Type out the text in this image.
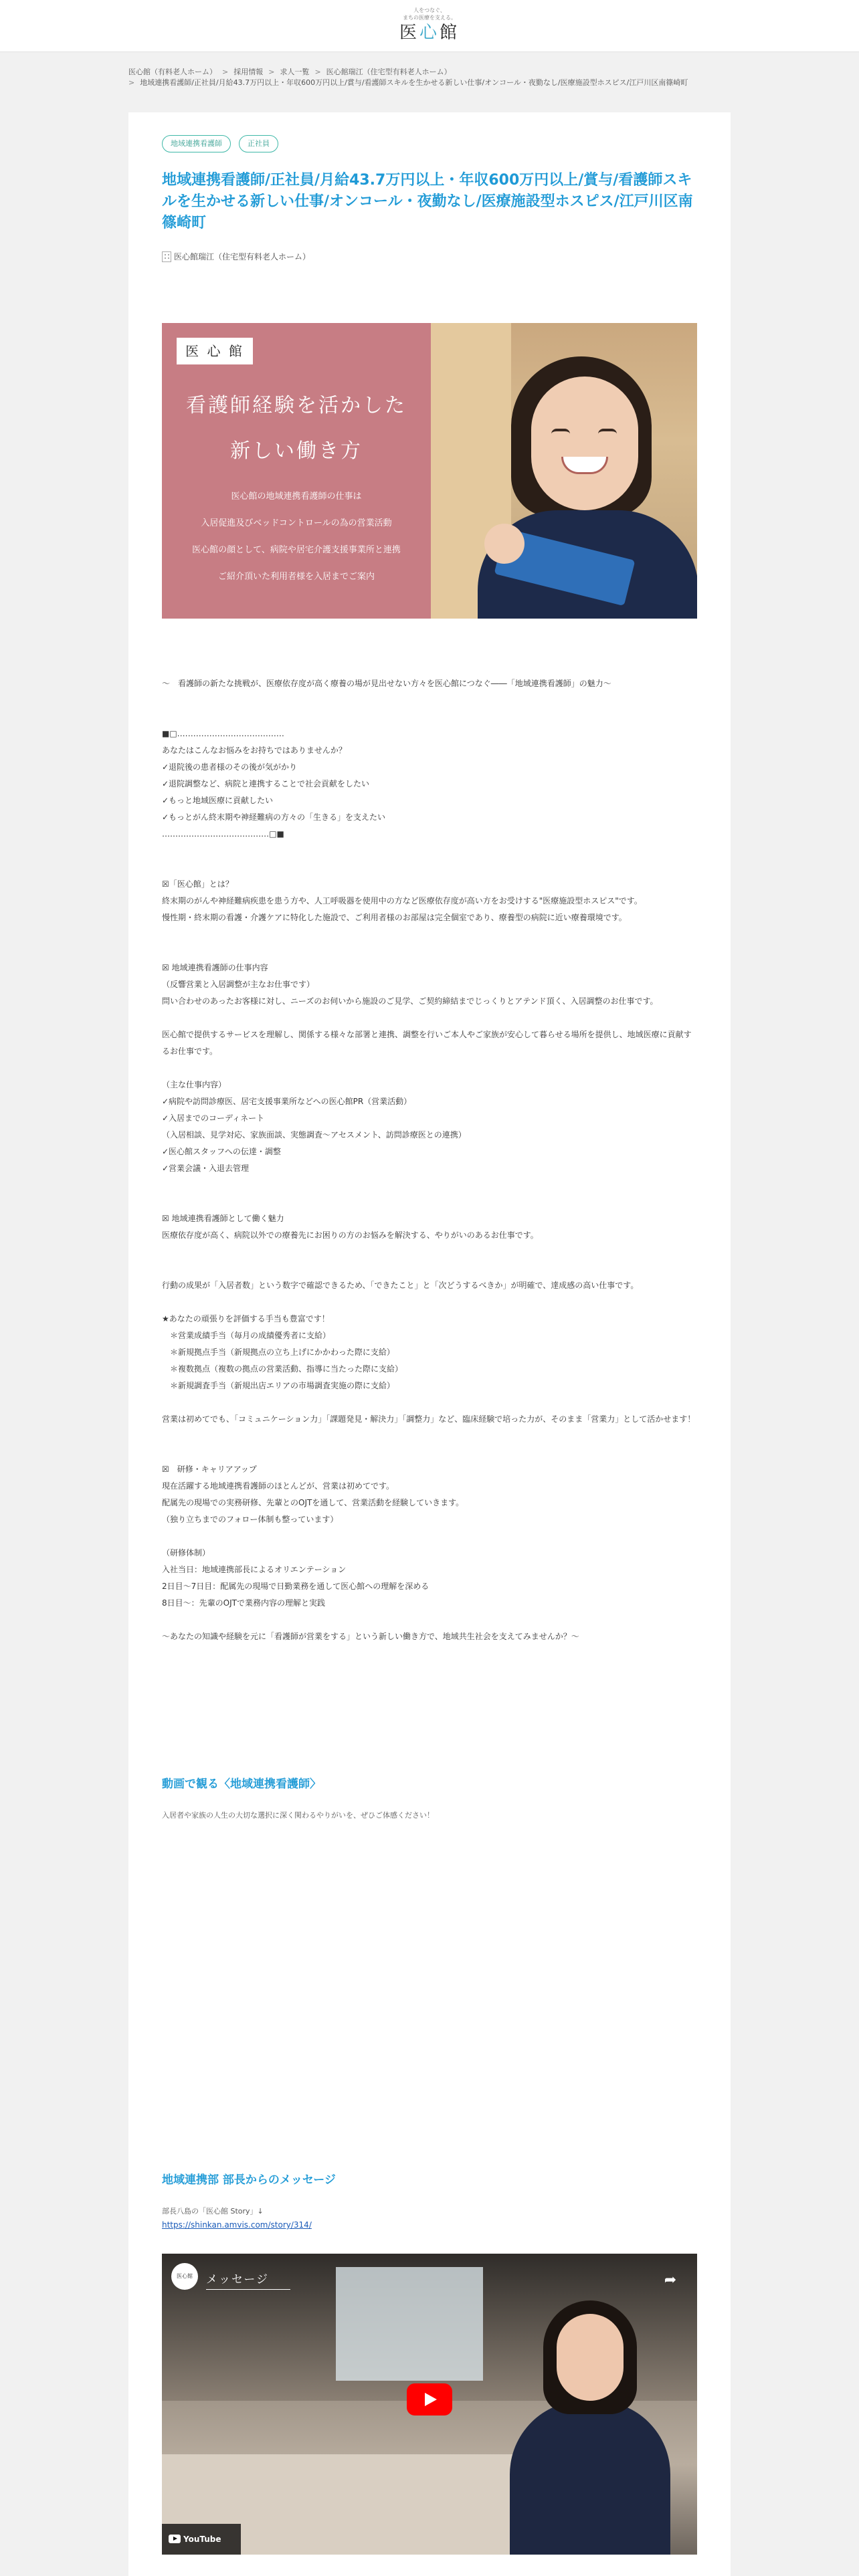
人をつなぐ、
まちの医療を支える。
医心館
医心館（有料老人ホーム） > 採用情報 > 求人一覧 > 医心館瑞江（住宅型有料老人ホーム）
> 地域連携看護師/正社員/月給43.7万円以上・年収600万円以上/賞与/看護師スキルを生かせる新しい仕事/オンコール・夜勤なし/医療施設型ホスピス/江戸川区南篠崎町
地域連携看護師	正社員
地域連携看護師/正社員/月給43.7万円以上・年収600万円以上/賞与/看護師スキルを生かせる新しい仕事/オンコール・夜勤なし/医療施設型ホスピス/江戸川区南篠崎町
医心館瑞江（住宅型有料老人ホーム）
医 心 館
看護師経験を活かした
新しい働き方
医心館の地域連携看護師の仕事は
入居促進及びベッドコントロールの為の営業活動
医心館の顔として、病院や居宅介護支援事業所と連携
ご紹介頂いた利用者様を入居までご案内

～　看護師の新たな挑戦が、医療依存度が高く療養の場が見出せない方々を医心館につなぐ――「地域連携看護師」の魅力～

■□‥‥‥‥‥‥‥‥‥‥‥‥‥‥‥‥‥‥‥‥
あなたはこんなお悩みをお持ちではありませんか？
✓退院後の患者様のその後が気がかり
✓退院調整など、病院と連携することで社会貢献をしたい
✓もっと地域医療に貢献したい
✓もっとがん終末期や神経難病の方々の「生きる」を支えたい
‥‥‥‥‥‥‥‥‥‥‥‥‥‥‥‥‥‥‥‥□■

☒「医心館」とは？
終末期のがんや神経難病疾患を患う方や、人工呼吸器を使用中の方など医療依存度が高い方をお受けする"医療施設型ホスピス"です。
慢性期・終末期の看護・介護ケアに特化した施設で、ご利用者様のお部屋は完全個室であり、療養型の病院に近い療養環境です。

☒ 地域連携看護師の仕事内容
（反響営業と入居調整が主なお仕事です）
問い合わせのあったお客様に対し、ニーズのお伺いから施設のご見学、ご契約締結までじっくりとアテンド頂く、入居調整のお仕事です。

医心館で提供するサービスを理解し、関係する様々な部署と連携、調整を行いご本人やご家族が安心して暮らせる場所を提供し、地域医療に貢献するお仕事です。

（主な仕事内容）
✓病院や訪問診療医、居宅支援事業所などへの医心館PR（営業活動）
✓入居までのコーディネート
（入居相談、見学対応、家族面談、実態調査～アセスメント、訪問診療医との連携）
✓医心館スタッフへの伝達・調整
✓営業会議・入退去管理

☒ 地域連携看護師として働く魅力
医療依存度が高く、病院以外での療養先にお困りの方のお悩みを解決する、やりがいのあるお仕事です。

行動の成果が「入居者数」という数字で確認できるため、「できたこと」と「次どうするべきか」が明確で、達成感の高い仕事です。

★あなたの頑張りを評価する手当も豊富です！
　＊営業成績手当（毎月の成績優秀者に支給）
　＊新規拠点手当（新規拠点の立ち上げにかかわった際に支給）
　＊複数拠点（複数の拠点の営業活動、指導に当たった際に支給）
　＊新規調査手当（新規出店エリアの市場調査実施の際に支給）

営業は初めてでも、「コミュニケーション力」「課題発見・解決力」「調整力」など、臨床経験で培った力が、そのまま「営業力」として活かせます！

☒　研修・キャリアアップ
現在活躍する地域連携看護師のほとんどが、営業は初めてです。
配属先の現場での実務研修、先輩とのOJTを通して、営業活動を経験していきます。
（独り立ちまでのフォロー体制も整っています）

（研修体制）
入社当日：地域連携部長によるオリエンテーション
2日目～7日目：配属先の現場で日勤業務を通して医心館への理解を深める
8日目～：先輩のOJTで業務内容の理解と実践

～あなたの知識や経験を元に「看護師が営業をする」という新しい働き方で、地域共生社会を支えてみませんか？～

動画で観る〈地域連携看護師〉
入居者や家族の人生の大切な選択に深く関わるやりがいを、ぜひご体感ください！
地域連携部 部長からのメッセージ
部長八島の「医心館 Story」↓
https://shinkan.amvis.com/story/314/
医心館	メッセージ	➦
YouTube
